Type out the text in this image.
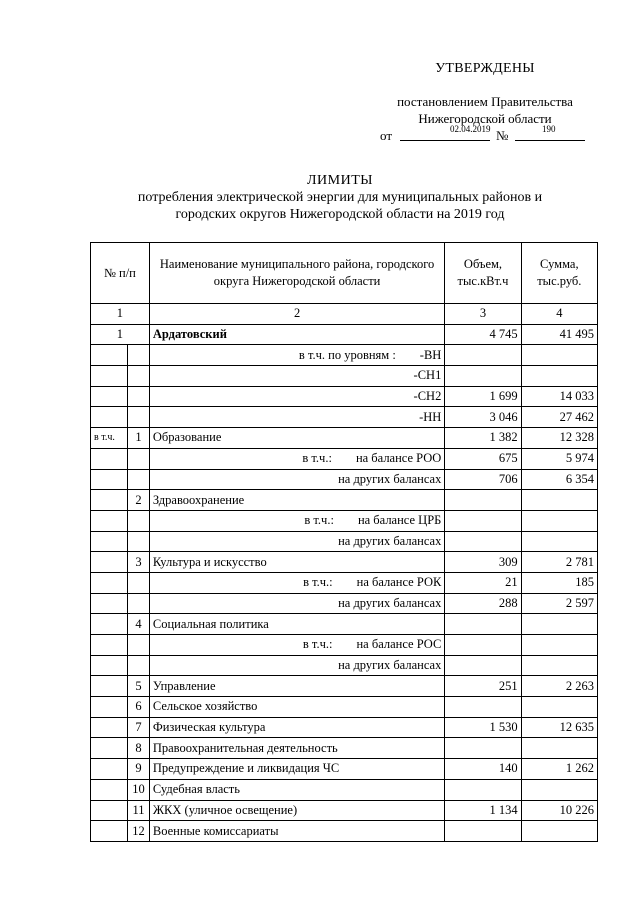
УТВЕРЖДЕНЫ
постановлением Правительства
Нижегородской области
от	02.04.2019 №	190
ЛИМИТЫ
потребления электрической энергии для муниципальных районов и
городских округов Нижегородской области на 2019 год
№ п/п		Наименование муниципального района, городского округа Нижегородской области	Объем, тыс.кВт.ч	Сумма, тыс.руб.
1		2	3	4
1		Ардатовский	4 745	41 495

		в т.ч. по уровням : -ВН		

		-СН1		
		-СН2	1 699	14 033
		-НН	3 046	27 462
в т.ч.	1	Образование	1 382	12 328

		в т.ч.: на балансе РОО	675	5 974
		на других балансах	706	6 354
	2	Здравоохранение		

		в т.ч.: на балансе ЦРБ		

		на других балансах		
	3	Культура и искусство	309	2 781

		в т.ч.: на балансе РОК	21	185
		на других балансах	288	2 597
	4	Социальная политика		

		в т.ч.: на балансе РОС		

		на других балансах		
	5	Управление	251	2 263
	6	Сельское хозяйство		
	7	Физическая культура	1 530	12 635
	8	Правоохранительная деятельность		
	9	Предупреждение и ликвидация ЧС	140	1 262
	10	Судебная власть		
	11	ЖКХ (уличное освещение)	1 134	10 226
	12	Военные комиссариаты		
